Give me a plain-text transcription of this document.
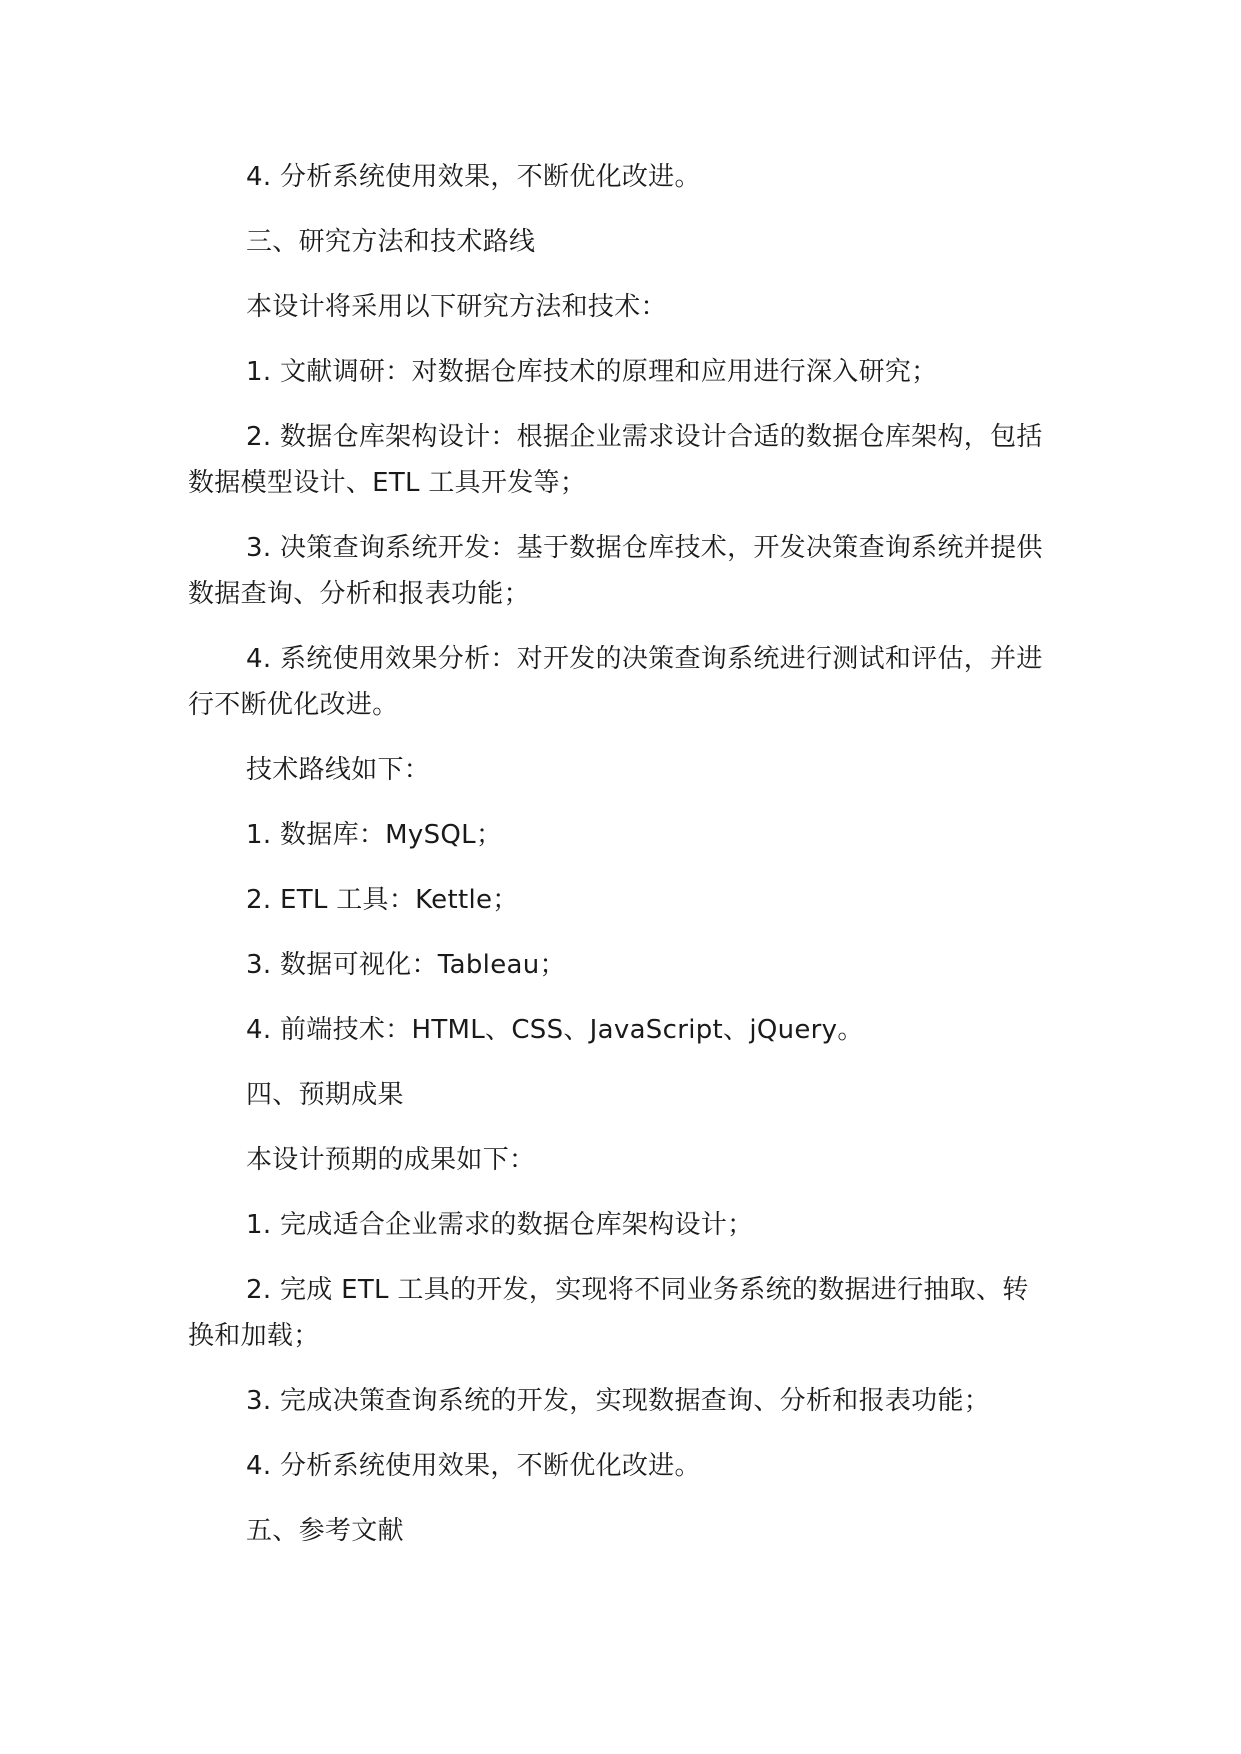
4. 分析系统使用效果，不断优化改进。

三、研究方法和技术路线

本设计将采用以下研究方法和技术：

1. 文献调研：对数据仓库技术的原理和应用进行深入研究；

2. 数据仓库架构设计：根据企业需求设计合适的数据仓库架构，包括数据模型设计、ETL 工具开发等；

3. 决策查询系统开发：基于数据仓库技术，开发决策查询系统并提供数据查询、分析和报表功能；

4. 系统使用效果分析：对开发的决策查询系统进行测试和评估，并进行不断优化改进。

技术路线如下：

1. 数据库：MySQL；

2. ETL 工具：Kettle；

3. 数据可视化：Tableau；

4. 前端技术：HTML、CSS、JavaScript、jQuery。

四、预期成果

本设计预期的成果如下：

1. 完成适合企业需求的数据仓库架构设计；

2. 完成 ETL 工具的开发，实现将不同业务系统的数据进行抽取、转换和加载；

3. 完成决策查询系统的开发，实现数据查询、分析和报表功能；

4. 分析系统使用效果，不断优化改进。

五、参考文献
